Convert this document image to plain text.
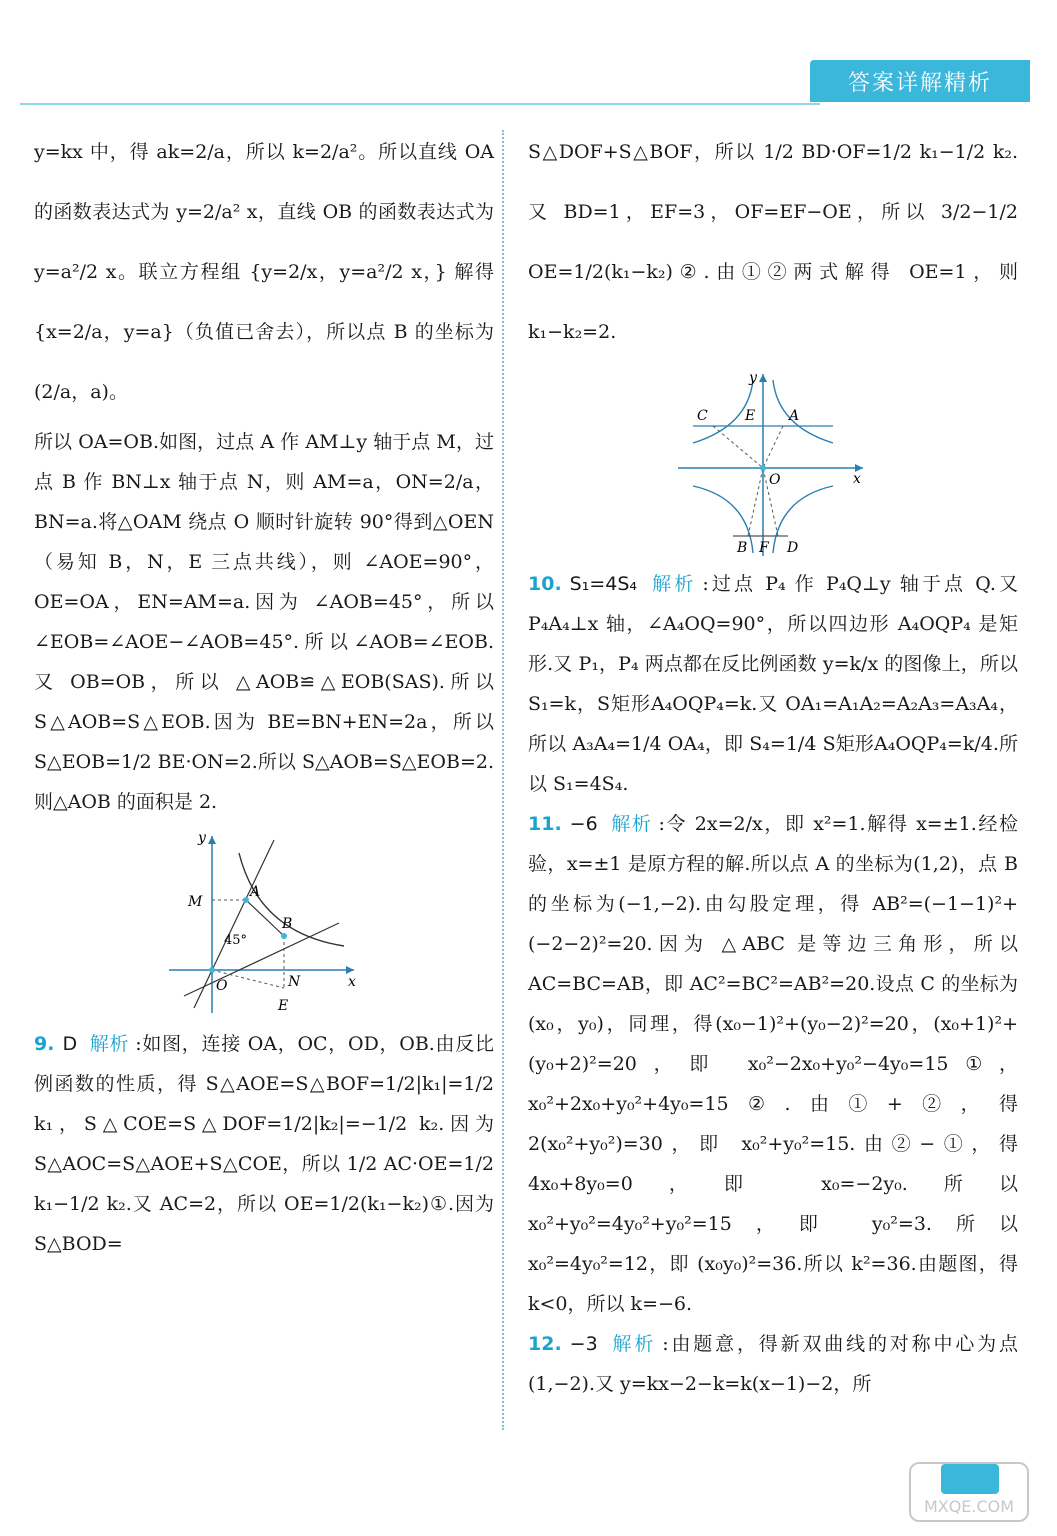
答案详解精析

y=kx 中，得 ak=2/a，所以 k=2/a²。所以直线 OA 的函数表达式为 y=2/a² x，直线 OB 的函数表达式为 y=a²/2 x。联立方程组 {y=2/x，y=a²/2 x，} 解得 {x=2/a，y=a}（负值已舍去），所以点 B 的坐标为(2/a，a)。

所以 OA=OB.如图，过点 A 作 AM⊥y 轴于点 M，过点 B 作 BN⊥x 轴于点 N，则 AM=a，ON=2/a，BN=a.将△OAM 绕点 O 顺时针旋转 90°得到△OEN（易知 B，N，E 三点共线），则 ∠AOE=90°，OE=OA，EN=AM=a.因为 ∠AOB=45°，所以∠EOB=∠AOE−∠AOB=45°.所以∠AOB=∠EOB.又 OB=OB，所以 △AOB≌△EOB(SAS).所以 S△AOB=S△EOB.因为 BE=BN+EN=2a，所以 S△EOB=1/2 BE·ON=2.所以 S△AOB=S△EOB=2.则△AOB 的面积是 2.

y
x
M
A
B
O	N
E
45°

9. D 解析 :如图，连接 OA，OC，OD，OB.由反比例函数的性质，得 S△AOE=S△BOF=1/2|k₁|=1/2 k₁，S△COE=S△DOF=1/2|k₂|=−1/2 k₂.因为 S△AOC=S△AOE+S△COE，所以 1/2 AC·OE=1/2 k₁−1/2 k₂.又 AC=2，所以 OE=1/2(k₁−k₂)①.因为 S△BOD=

S△DOF+S△BOF，所以 1/2 BD·OF=1/2 k₁−1/2 k₂.又 BD=1，EF=3，OF=EF−OE，所以 3/2−1/2 OE=1/2(k₁−k₂)②.由①②两式解得 OE=1，则 k₁−k₂=2.

y
x
C	E A
O
B F D

10. S₁=4S₄ 解析 :过点 P₄ 作 P₄Q⊥y 轴于点 Q.又 P₄A₄⊥x 轴，∠A₄OQ=90°，所以四边形 A₄OQP₄ 是矩形.又 P₁，P₄ 两点都在反比例函数 y=k/x 的图像上，所以 S₁=k，S矩形A₄OQP₄=k.又 OA₁=A₁A₂=A₂A₃=A₃A₄，所以 A₃A₄=1/4 OA₄，即 S₄=1/4 S矩形A₄OQP₄=k/4.所以 S₁=4S₄.

11. −6 解析 :令 2x=2/x，即 x²=1.解得 x=±1.经检验，x=±1 是原方程的解.所以点 A 的坐标为(1,2)，点 B 的坐标为(−1,−2).由勾股定理，得 AB²=(−1−1)²+(−2−2)²=20.因为 △ABC 是等边三角形，所以 AC=BC=AB，即 AC²=BC²=AB²=20.设点 C 的坐标为(x₀，y₀)，同理，得(x₀−1)²+(y₀−2)²=20，(x₀+1)²+(y₀+2)²=20，即 x₀²−2x₀+y₀²−4y₀=15①，x₀²+2x₀+y₀²+4y₀=15②.由①+②，得 2(x₀²+y₀²)=30，即 x₀²+y₀²=15.由②−①，得 4x₀+8y₀=0，即 x₀=−2y₀.所以 x₀²+y₀²=4y₀²+y₀²=15，即 y₀²=3.所以 x₀²=4y₀²=12，即 (x₀y₀)²=36.所以 k²=36.由题图，得 k<0，所以 k=−6.

12. −3 解析 :由题意，得新双曲线的对称中心为点(1,−2).又 y=kx−2−k=k(x−1)−2，所

MXQE.COM
